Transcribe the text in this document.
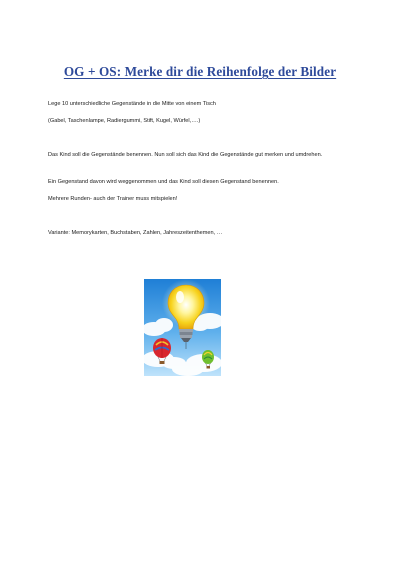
OG + OS: Merke dir die Reihenfolge der Bilder

Lege 10 unterschiedliche Gegenstände in die Mitte von einem Tisch

(Gabel, Taschenlampe, Radiergummi, Stift, Kugel, Würfel,….)

Das Kind soll die Gegenstände benennen. Nun soll sich das Kind die Gegenstände gut merken und umdrehen.

Ein Gegenstand davon wird weggenommen und das Kind soll diesen Gegenstand benennen.

Mehrere Runden- auch der Trainer muss mitspielen!

Variante: Memorykarten, Buchstaben, Zahlen, Jahreszeitenthemen, …
